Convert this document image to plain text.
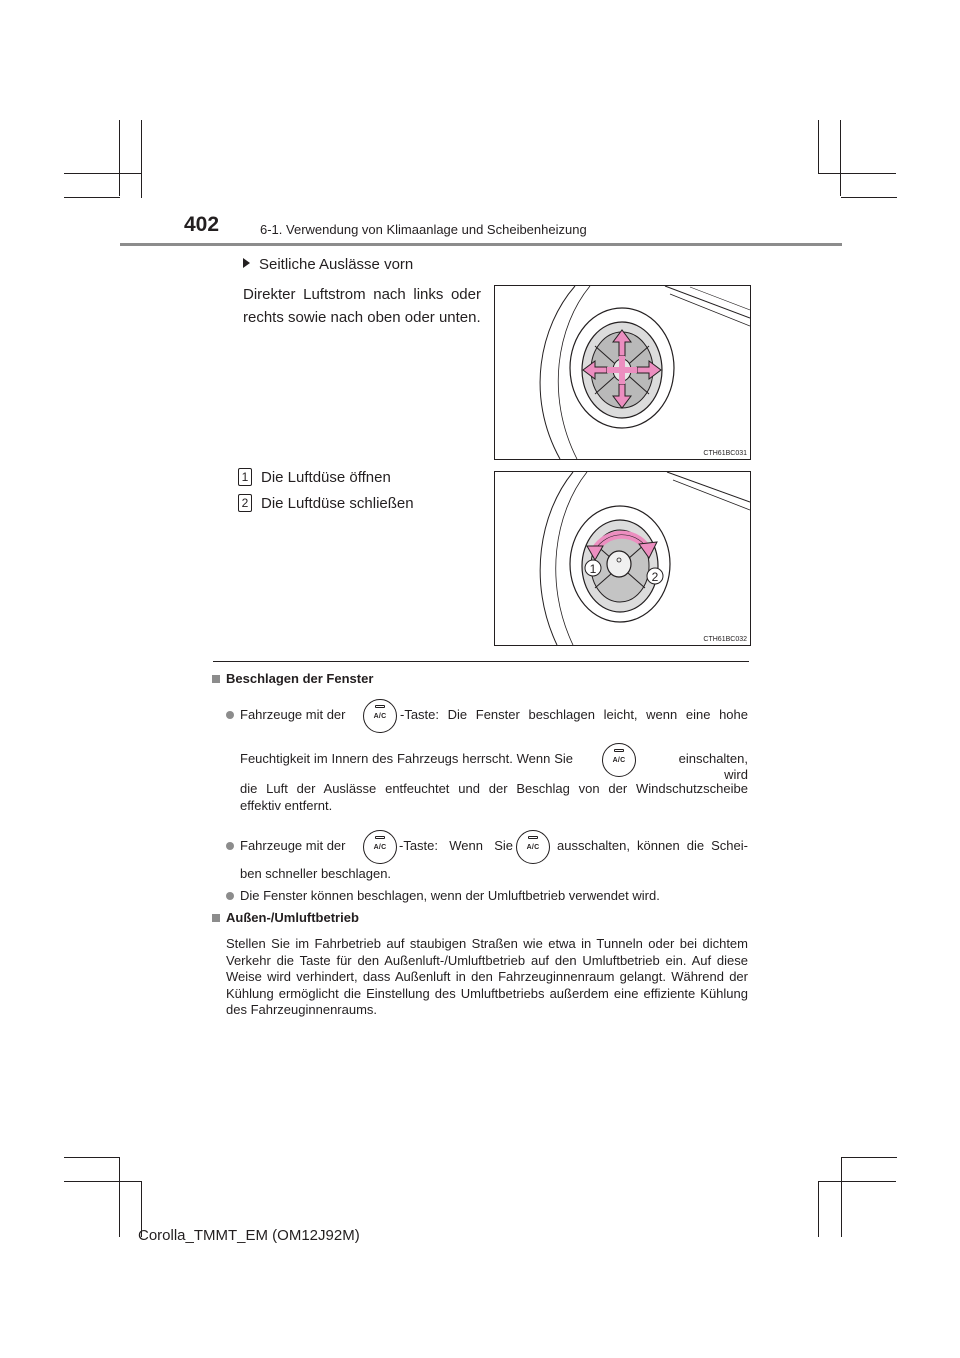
402	6-1. Verwendung von Klimaanlage und Scheibenheizung
Seitliche Auslässe vorn
Direkter Luftstrom nach links oder rechts sowie nach oben oder unten.
1 Die Luftdüse öffnen
2 Die Luftdüse schließen
CTH61BC031
1
2
CTH61BC032
Beschlagen der Fenster
Fahrzeuge mit der	A/C	-Taste: Die Fenster beschlagen leicht, wenn eine hohe
Feuchtigkeit im Innern des Fahrzeugs herrscht. Wenn Sie	A/C	einschalten, wird
die Luft der Auslässe entfeuchtet und der Beschlag von der Windschutzscheibe
effektiv entfernt.
Fahrzeuge mit der	A/C -Taste: Wenn Sie	A/C	ausschalten, können die Schei-
ben schneller beschlagen.
Die Fenster können beschlagen, wenn der Umluftbetrieb verwendet wird.
Außen-/Umluftbetrieb
Stellen Sie im Fahrbetrieb auf staubigen Straßen wie etwa in Tunneln oder bei dichtem Verkehr die Taste für den Außenluft-/Umluftbetrieb auf den Umluftbetrieb ein. Auf diese Weise wird verhindert, dass Außenluft in den Fahrzeuginnenraum gelangt. Während der Kühlung ermöglicht die Einstellung des Umluftbetriebs außerdem eine effiziente Kühlung des Fahrzeuginnenraums.
Corolla_TMMT_EM (OM12J92M)
